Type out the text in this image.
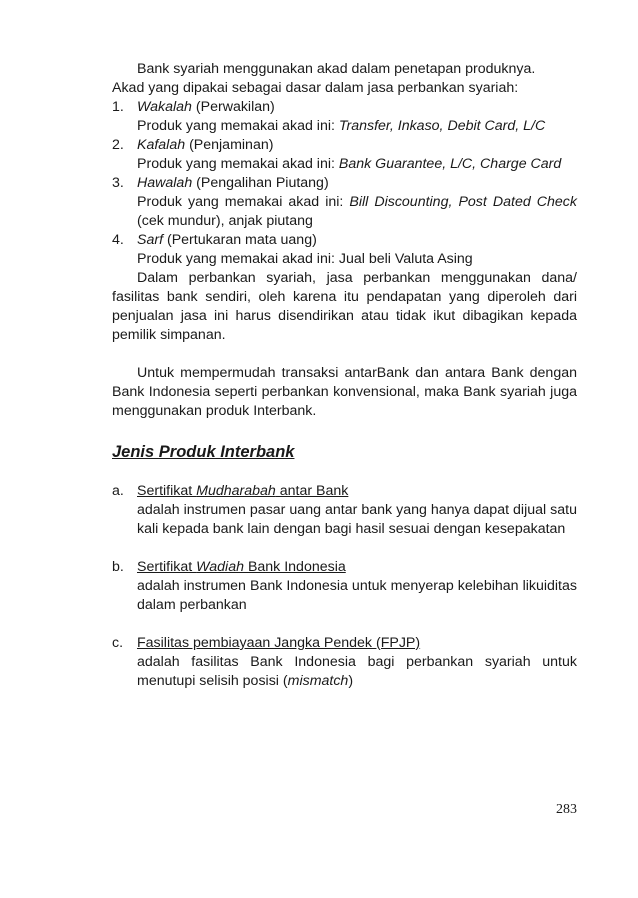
Bank syariah menggunakan akad dalam penetapan produknya.

Akad yang dipakai sebagai dasar dalam jasa perbankan syariah:

1. Wakalah (Perwakilan)

Produk yang memakai akad ini: Transfer, Inkaso, Debit Card, L/C

2. Kafalah (Penjaminan)

Produk yang memakai akad ini: Bank Guarantee, L/C, Charge Card

3. Hawalah (Pengalihan Piutang)

Produk yang memakai akad ini: Bill Discounting, Post Dated Check (cek mundur), anjak piutang

4. Sarf (Pertukaran mata uang)

Produk yang memakai akad ini: Jual beli Valuta Asing

Dalam perbankan syariah, jasa perbankan menggunakan dana/ fasilitas bank sendiri, oleh karena itu pendapatan yang diperoleh dari penjualan jasa ini harus disendirikan atau tidak ikut dibagikan kepada pemilik simpanan.

Untuk mempermudah transaksi antarBank dan antara Bank dengan Bank Indonesia seperti perbankan konvensional, maka Bank syariah juga menggunakan produk Interbank.

Jenis Produk Interbank
a. Sertifikat Mudharabah antar Bank

adalah instrumen pasar uang antar bank yang hanya dapat dijual satu kali kepada bank lain dengan bagi hasil sesuai dengan kesepakatan

b. Sertifikat Wadiah Bank Indonesia

adalah instrumen Bank Indonesia untuk menyerap kelebihan likuiditas dalam perbankan

c. Fasilitas pembiayaan Jangka Pendek (FPJP)

adalah fasilitas Bank Indonesia bagi perbankan syariah untuk menutupi selisih posisi (mismatch)

283
